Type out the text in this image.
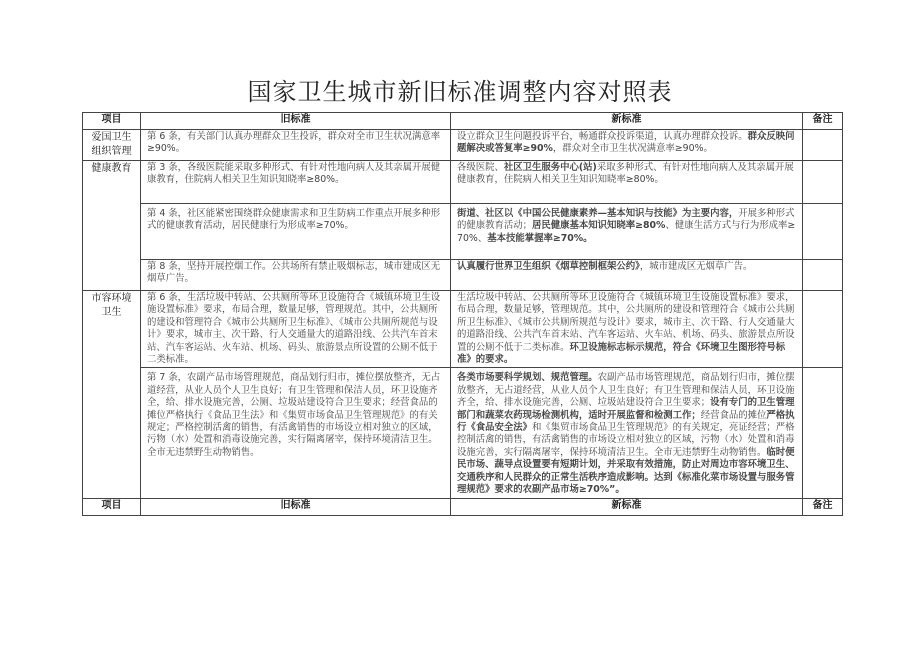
国家卫生城市新旧标准调整内容对照表
项目	旧标准	新标准	备注
爱国卫生组织管理	第 6 条，有关部门认真办理群众卫生投诉，群众对全市卫生状况满意率≥90%。	设立群众卫生问题投诉平台，畅通群众投诉渠道，认真办理群众投诉。群众反映问题解决或答复率≥90%，群众对全市卫生状况满意率≥90%。	
健康教育	第 3 条，各级医院能采取多种形式、有针对性地向病人及其亲属开展健康教育，住院病人相关卫生知识知晓率≥80%。	各级医院、社区卫生服务中心(站)采取多种形式、有针对性地向病人及其亲属开展健康教育，住院病人相关卫生知识知晓率≥80%。	
	第 4 条，社区能紧密围绕群众健康需求和卫生防病工作重点开展多种形式的健康教育活动，居民健康行为形成率≥70%。	街道、社区以《中国公民健康素养—基本知识与技能》为主要内容，开展多种形式的健康教育活动；居民健康基本知识知晓率≥80%、健康生活方式与行为形成率≥70%、基本技能掌握率≥70%。	
	第 8 条，坚持开展控烟工作。公共场所有禁止吸烟标志，城市建成区无烟草广告。	认真履行世界卫生组织《烟草控制框架公约》，城市建成区无烟草广告。	
市容环境卫生	第 6 条，生活垃圾中转站、公共厕所等环卫设施符合《城镇环境卫生设施设置标准》要求，布局合理，数量足够，管理规范。其中，公共厕所的建设和管理符合《城市公共厕所卫生标准》、《城市公共厕所规范与设计》要求，城市主、次干路、行人交通量大的道路沿线、公共汽车首末站、汽车客运站、火车站、机场、码头、旅游景点所设置的公厕不低于二类标准。	生活垃圾中转站、公共厕所等环卫设施符合《城镇环境卫生设施设置标准》要求，布局合理，数量足够，管理规范。其中，公共厕所的建设和管理符合《城市公共厕所卫生标准》、《城市公共厕所规范与设计》要求，城市主、次干路、行人交通量大的道路沿线、公共汽车首末站、汽车客运站、火车站、机场、码头、旅游景点所设置的公厕不低于二类标准。环卫设施标志标示规范，符合《环境卫生图形符号标准》的要求。	
	第 7 条，农副产品市场管理规范，商品划行归市，摊位摆放整齐，无占道经营，从业人员个人卫生良好；有卫生管理和保洁人员，环卫设施齐全，给、排水设施完善，公厕、垃圾站建设符合卫生要求；经营食品的摊位严格执行《食品卫生法》和《集贸市场食品卫生管理规范》的有关规定；严格控制活禽的销售，有活禽销售的市场设立相对独立的区域，污物（水）处置和消毒设施完善，实行隔离屠宰，保持环境清洁卫生。全市无违禁野生动物销售。	各类市场要科学规划、规范管理。农副产品市场管理规范，商品划行归市，摊位摆放整齐，无占道经营，从业人员个人卫生良好；有卫生管理和保洁人员，环卫设施齐全，给、排水设施完善，公厕、垃圾站建设符合卫生要求；设有专门的卫生管理部门和蔬菜农药现场检测机构，适时开展监督和检测工作；经营食品的摊位严格执行《食品安全法》和《集贸市场食品卫生管理规范》的有关规定，亮证经营；严格控制活禽的销售，有活禽销售的市场设立相对独立的区域，污物（水）处置和消毒设施完善，实行隔离屠宰，保持环境清洁卫生。全市无违禁野生动物销售。临时便民市场、蔬导点设置要有短期计划，并采取有效措施，防止对周边市容环境卫生、交通秩序和人民群众的正常生活秩序造成影响。达到《标准化菜市场设置与服务管理规范》要求的农副产品市场≥70%”。	
项目	旧标准	新标准	备注
